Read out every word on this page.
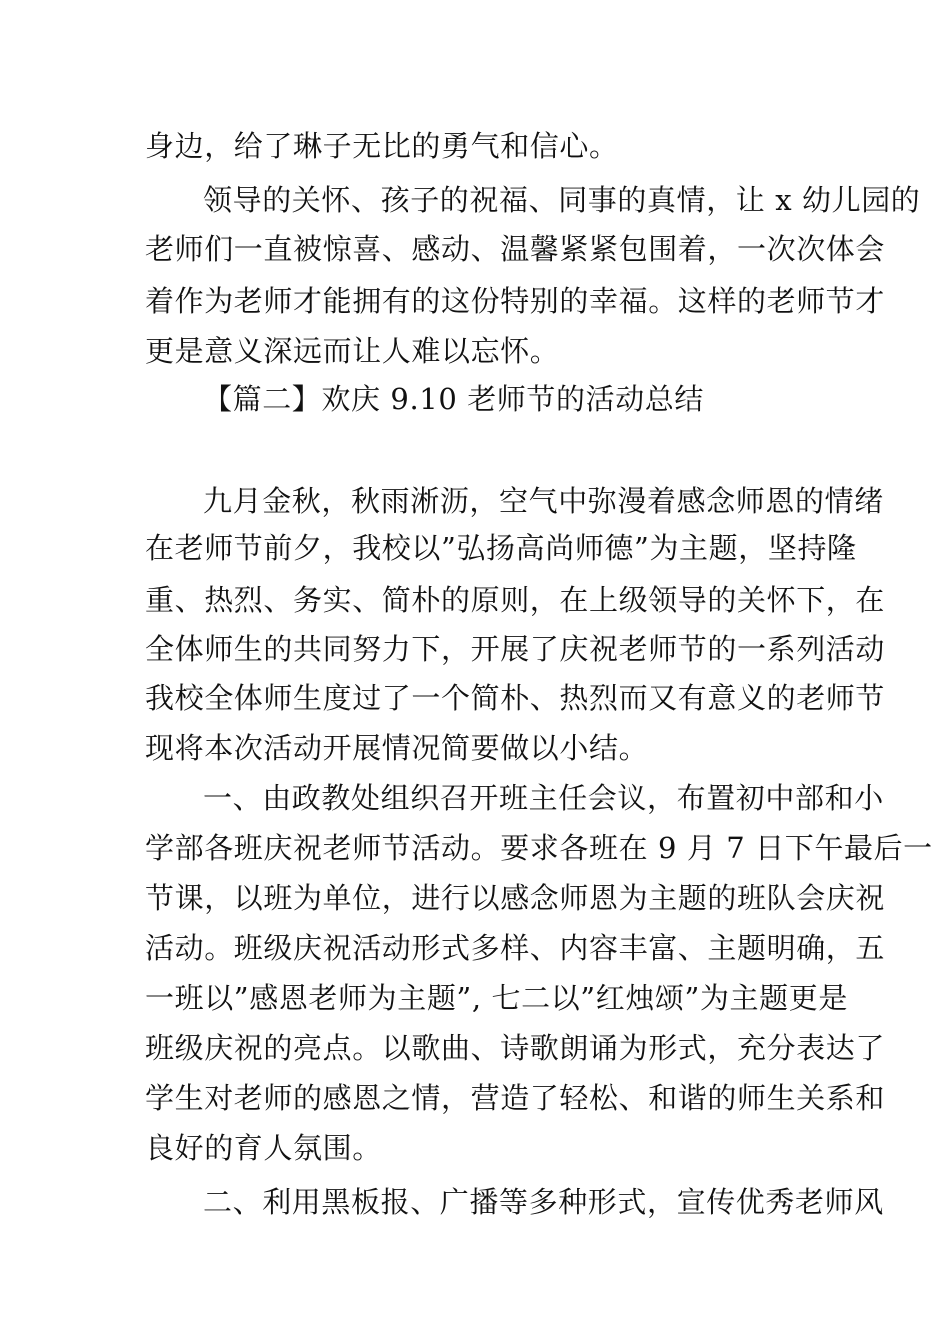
身边，给了琳子无比的勇气和信心。
领导的关怀、孩子的祝福、同事的真情，让 x 幼儿园的
老师们一直被惊喜、感动、温馨紧紧包围着，一次次体会
着作为老师才能拥有的这份特别的幸福。这样的老师节才
更是意义深远而让人难以忘怀。
【篇二】欢庆 9.10 老师节的活动总结
九月金秋，秋雨淅沥，空气中弥漫着感念师恩的情绪
在老师节前夕，我校以”弘扬高尚师德”为主题，坚持隆
重、热烈、务实、简朴的原则，在上级领导的关怀下，在
全体师生的共同努力下，开展了庆祝老师节的一系列活动
我校全体师生度过了一个简朴、热烈而又有意义的老师节
现将本次活动开展情况简要做以小结。
一、由政教处组织召开班主任会议，布置初中部和小
学部各班庆祝老师节活动。要求各班在 9 月 7 日下午最后一
节课，以班为单位，进行以感念师恩为主题的班队会庆祝
活动。班级庆祝活动形式多样、内容丰富、主题明确，五
一班以”感恩老师为主题”, 七二以”红烛颂”为主题更是
班级庆祝的亮点。以歌曲、诗歌朗诵为形式，充分表达了
学生对老师的感恩之情，营造了轻松、和谐的师生关系和
良好的育人氛围。
二、利用黑板报、广播等多种形式，宣传优秀老师风
